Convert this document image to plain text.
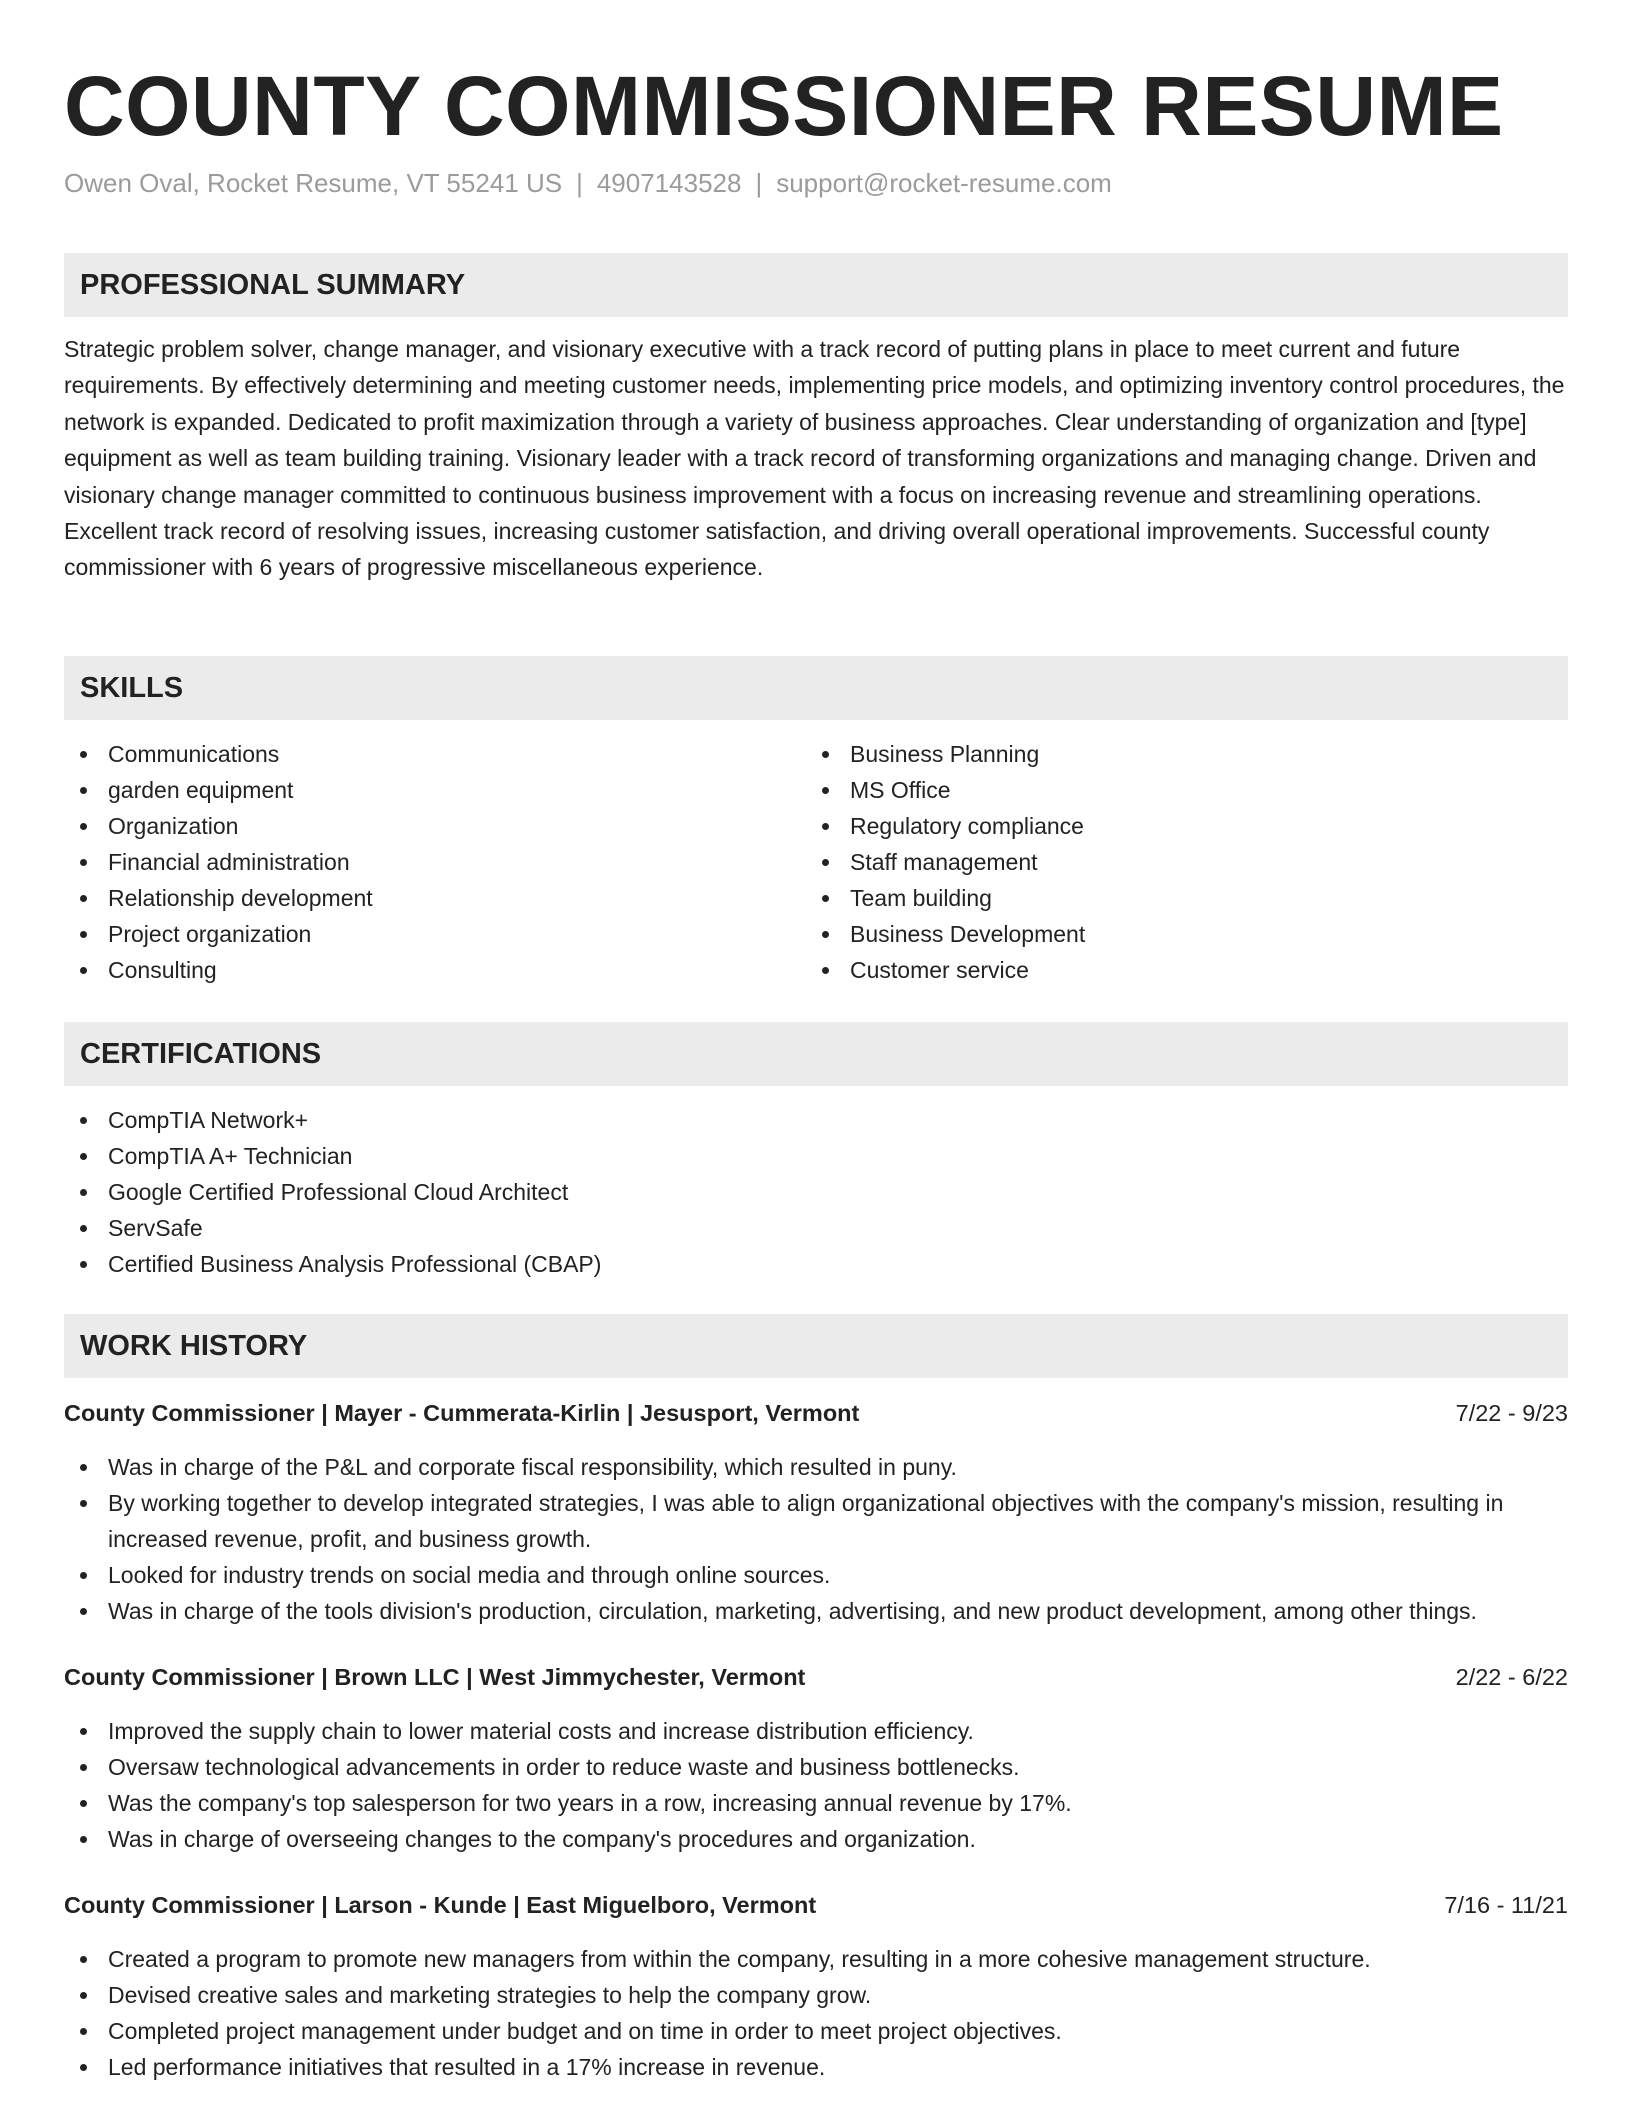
COUNTY COMMISSIONER RESUME
Owen Oval, Rocket Resume, VT 55241 US | 4907143528 | support@rocket-resume.com
PROFESSIONAL SUMMARY

Strategic problem solver, change manager, and visionary executive with a track record of putting plans in place to meet current and future requirements. By effectively determining and meeting customer needs, implementing price models, and optimizing inventory control procedures, the network is expanded. Dedicated to profit maximization through a variety of business approaches. Clear understanding of organization and [type] equipment as well as team building training. Visionary leader with a track record of transforming organizations and managing change. Driven and visionary change manager committed to continuous business improvement with a focus on increasing revenue and streamlining operations. Excellent track record of resolving issues, increasing customer satisfaction, and driving overall operational improvements. Successful county commissioner with 6 years of progressive miscellaneous experience.

SKILLS
Communications
garden equipment
Organization
Financial administration
Relationship development
Project organization
Consulting
Business Planning
MS Office
Regulatory compliance
Staff management
Team building
Business Development
Customer service
CERTIFICATIONS
CompTIA Network+
CompTIA A+ Technician
Google Certified Professional Cloud Architect
ServSafe
Certified Business Analysis Professional (CBAP)
WORK HISTORY
County Commissioner | Mayer - Cummerata-Kirlin | Jesusport, Vermont	7/22 - 9/23
Was in charge of the P&L and corporate fiscal responsibility, which resulted in puny.
By working together to develop integrated strategies, I was able to align organizational objectives with the company's mission, resulting in increased revenue, profit, and business growth.
Looked for industry trends on social media and through online sources.
Was in charge of the tools division's production, circulation, marketing, advertising, and new product development, among other things.
County Commissioner | Brown LLC | West Jimmychester, Vermont	2/22 - 6/22
Improved the supply chain to lower material costs and increase distribution efficiency.
Oversaw technological advancements in order to reduce waste and business bottlenecks.
Was the company's top salesperson for two years in a row, increasing annual revenue by 17%.
Was in charge of overseeing changes to the company's procedures and organization.
County Commissioner | Larson - Kunde | East Miguelboro, Vermont	7/16 - 11/21
Created a program to promote new managers from within the company, resulting in a more cohesive management structure.
Devised creative sales and marketing strategies to help the company grow.
Completed project management under budget and on time in order to meet project objectives.
Led performance initiatives that resulted in a 17% increase in revenue.
